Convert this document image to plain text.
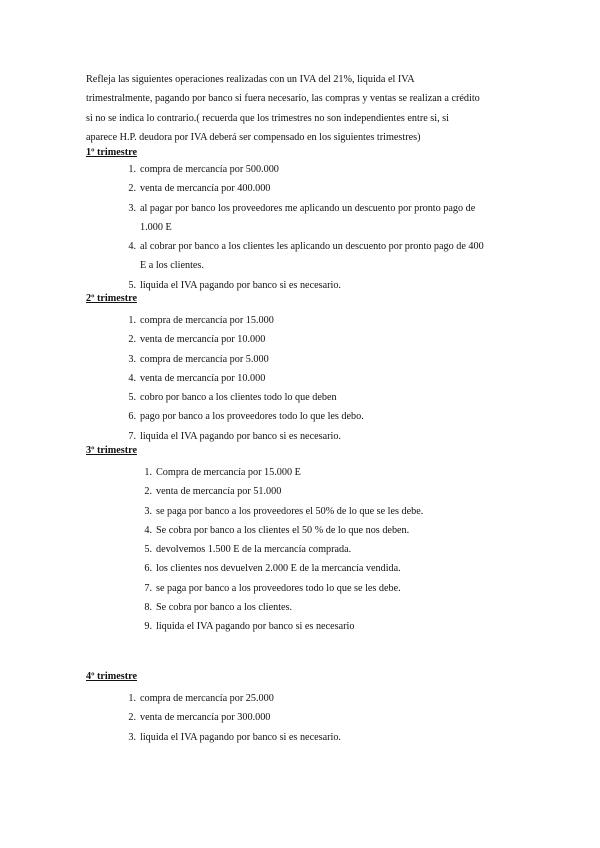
Refleja las siguientes operaciones realizadas con un IVA del 21%, liquida el IVA
trimestralmente, pagando por banco si fuera necesario, las compras y ventas se realizan a crédito
si no se indica lo contrario.( recuerda que los trimestres no son independientes entre si, si
aparece H.P. deudora por IVA deberá ser compensado en los siguientes trimestres)
1º trimestre
1. compra de mercancía por 500.000
2. venta de mercancía por 400.000
3. al pagar por banco los proveedores me aplicando un descuento por pronto pago de
1.000 E
4. al cobrar por banco a los clientes les aplicando un descuento por pronto pago de 400
E a los clientes.
5. liquida el IVA pagando por banco si es necesario.
2º trimestre
1. compra de mercancía por 15.000
2. venta de mercancía por 10.000
3. compra de mercancía por 5.000
4. venta de mercancía por 10.000
5. cobro por banco a los clientes todo lo que deben
6. pago por banco a los proveedores todo lo que les debo.
7. liquida el IVA pagando por banco si es necesario.
3º trimestre
1. Compra de mercancía por 15.000 E
2. venta de mercancía por 51.000
3. se paga por banco a los proveedores el 50% de lo que se les debe.
4. Se cobra por banco a los clientes el 50 % de lo que nos deben.
5. devolvemos 1.500 E de la mercancía comprada.
6. los clientes nos devuelven 2.000 E de la mercancía vendida.
7. se paga por banco a los proveedores todo lo que se les debe.
8. Se cobra por banco a los clientes.
9. liquida el IVA pagando por banco si es necesario
4º trimestre
1. compra de mercancía por 25.000
2. venta de mercancía por 300.000
3. liquida el IVA pagando por banco si es necesario.
